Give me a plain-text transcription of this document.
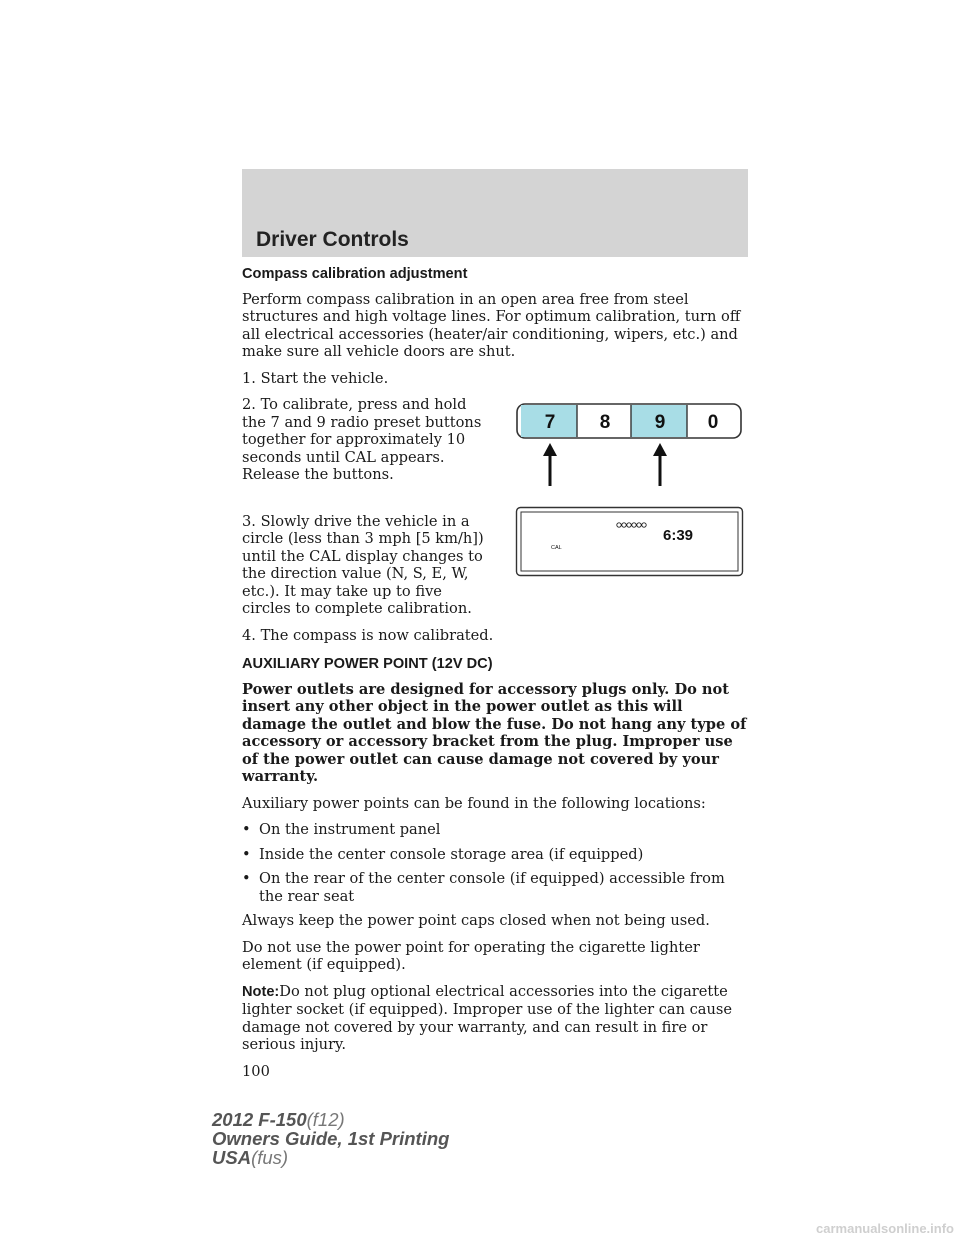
Driver Controls
Compass calibration adjustment

Perform compass calibration in an open area free from steel structures and high voltage lines. For optimum calibration, turn off all electrical accessories (heater/air conditioning, wipers, etc.) and make sure all vehicle doors are shut.

1. Start the vehicle.

2. To calibrate, press and hold the 7 and 9 radio preset buttons together for approximately 10 seconds until CAL appears. Release the buttons.

3. Slowly drive the vehicle in a circle (less than 3 mph [5 km/h]) until the CAL display changes to the direction value (N, S, E, W, etc.). It may take up to five circles to complete calibration.

4. The compass is now calibrated.

AUXILIARY POWER POINT (12V DC)

Power outlets are designed for accessory plugs only. Do not insert any other object in the power outlet as this will damage the outlet and blow the fuse. Do not hang any type of accessory or accessory bracket from the plug. Improper use of the power outlet can cause damage not covered by your warranty.

Auxiliary power points can be found in the following locations:

• On the instrument panel
• Inside the center console storage area (if equipped)
• On the rear of the center console (if equipped) accessible from the rear seat

Always keep the power point caps closed when not being used.

Do not use the power point for operating the cigarette lighter element (if equipped).

Note:Do not plug optional electrical accessories into the cigarette lighter socket (if equipped). Improper use of the lighter can cause damage not covered by your warranty, and can result in fire or serious injury.

100
7 8 9 0
6:39
CAL
2012 F-150(f12)
Owners Guide, 1st Printing
USA(fus)
carmanualsonline.info
